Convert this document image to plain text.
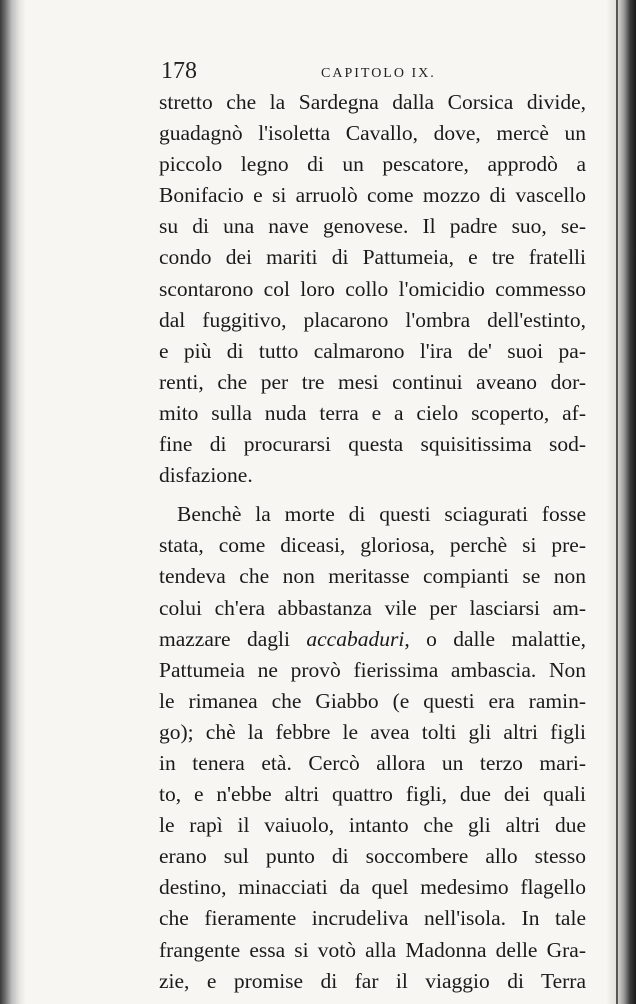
178	CAPITOLO IX.
stretto che la Sardegna dalla Corsica divide,
guadagnò l'isoletta Cavallo, dove, mercè un
piccolo legno di un pescatore, approdò a
Bonifacio e si arruolò come mozzo di vascello
su di una nave genovese. Il padre suo, se-
condo dei mariti di Pattumeia, e tre fratelli
scontarono col loro collo l'omicidio commesso
dal fuggitivo, placarono l'ombra dell'estinto,
e più di tutto calmarono l'ira de' suoi pa-
renti, che per tre mesi continui aveano dor-
mito sulla nuda terra e a cielo scoperto, af-
fine di procurarsi questa squisitissima sod-
disfazione.
Benchè la morte di questi sciagurati fosse
stata, come diceasi, gloriosa, perchè si pre-
tendeva che non meritasse compianti se non
colui ch'era abbastanza vile per lasciarsi am-
mazzare dagli accabaduri, o dalle malattie,
Pattumeia ne provò fierissima ambascia. Non
le rimanea che Giabbo (e questi era ramin-
go); chè la febbre le avea tolti gli altri figli
in tenera età. Cercò allora un terzo mari-
to, e n'ebbe altri quattro figli, due dei quali
le rapì il vaiuolo, intanto che gli altri due
erano sul punto di soccombere allo stesso
destino, minacciati da quel medesimo flagello
che fieramente incrudeliva nell'isola. In tale
frangente essa si votò alla Madonna delle Gra-
zie, e promise di far il viaggio di Terra
